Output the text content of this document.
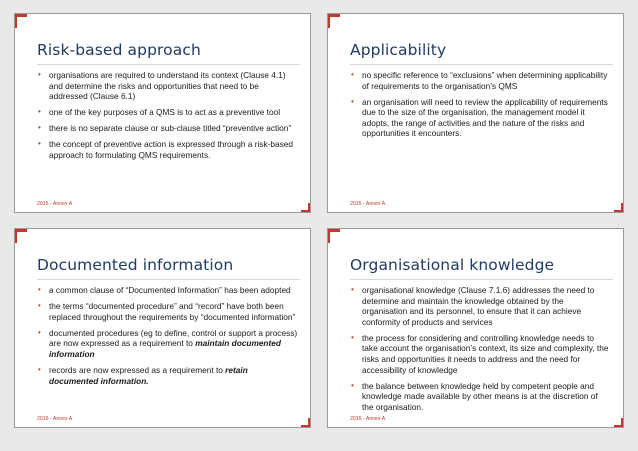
Risk-based approach
• organisations are required to understand its context (Clause 4.1) and determine the risks and opportunities that need to be addressed (Clause 6.1)
• one of the key purposes of a QMS is to act as a preventive tool
• there is no separate clause or sub-clause titled “preventive action”
• the concept of preventive action is expressed through a risk-based approach to formulating QMS requirements.
2015 - Annex A
Applicability
• no specific reference to “exclusions” when determining applicability of requirements to the organisation’s QMS
• an organisation will need to review the applicability of requirements due to the size of the organisation, the management model it adopts, the range of activities and the nature of the risks and opportunities it encounters.
2015 - Annex A
Documented information
• a common clause of “Documented Information” has been adopted
• the terms “documented procedure” and “record” have both been replaced throughout the requirements by “documented information”
• documented procedures (eg to define, control or support a process) are now expressed as a requirement to maintain documented information
• records are now expressed as a requirement to retain documented information.
2015 - Annex A
Organisational knowledge
• organisational knowledge (Clause 7.1.6) addresses the need to determine and maintain the knowledge obtained by the organisation and its personnel, to ensure that it can achieve conformity of products and services
• the process for considering and controlling knowledge needs to take account the organisation’s context, its size and complexity, the risks and opportunities it needs to address and the need for accessibility of knowledge
• the balance between knowledge held by competent people and knowledge made available by other means is at the discretion of the organisation.
2015 - Annex A
